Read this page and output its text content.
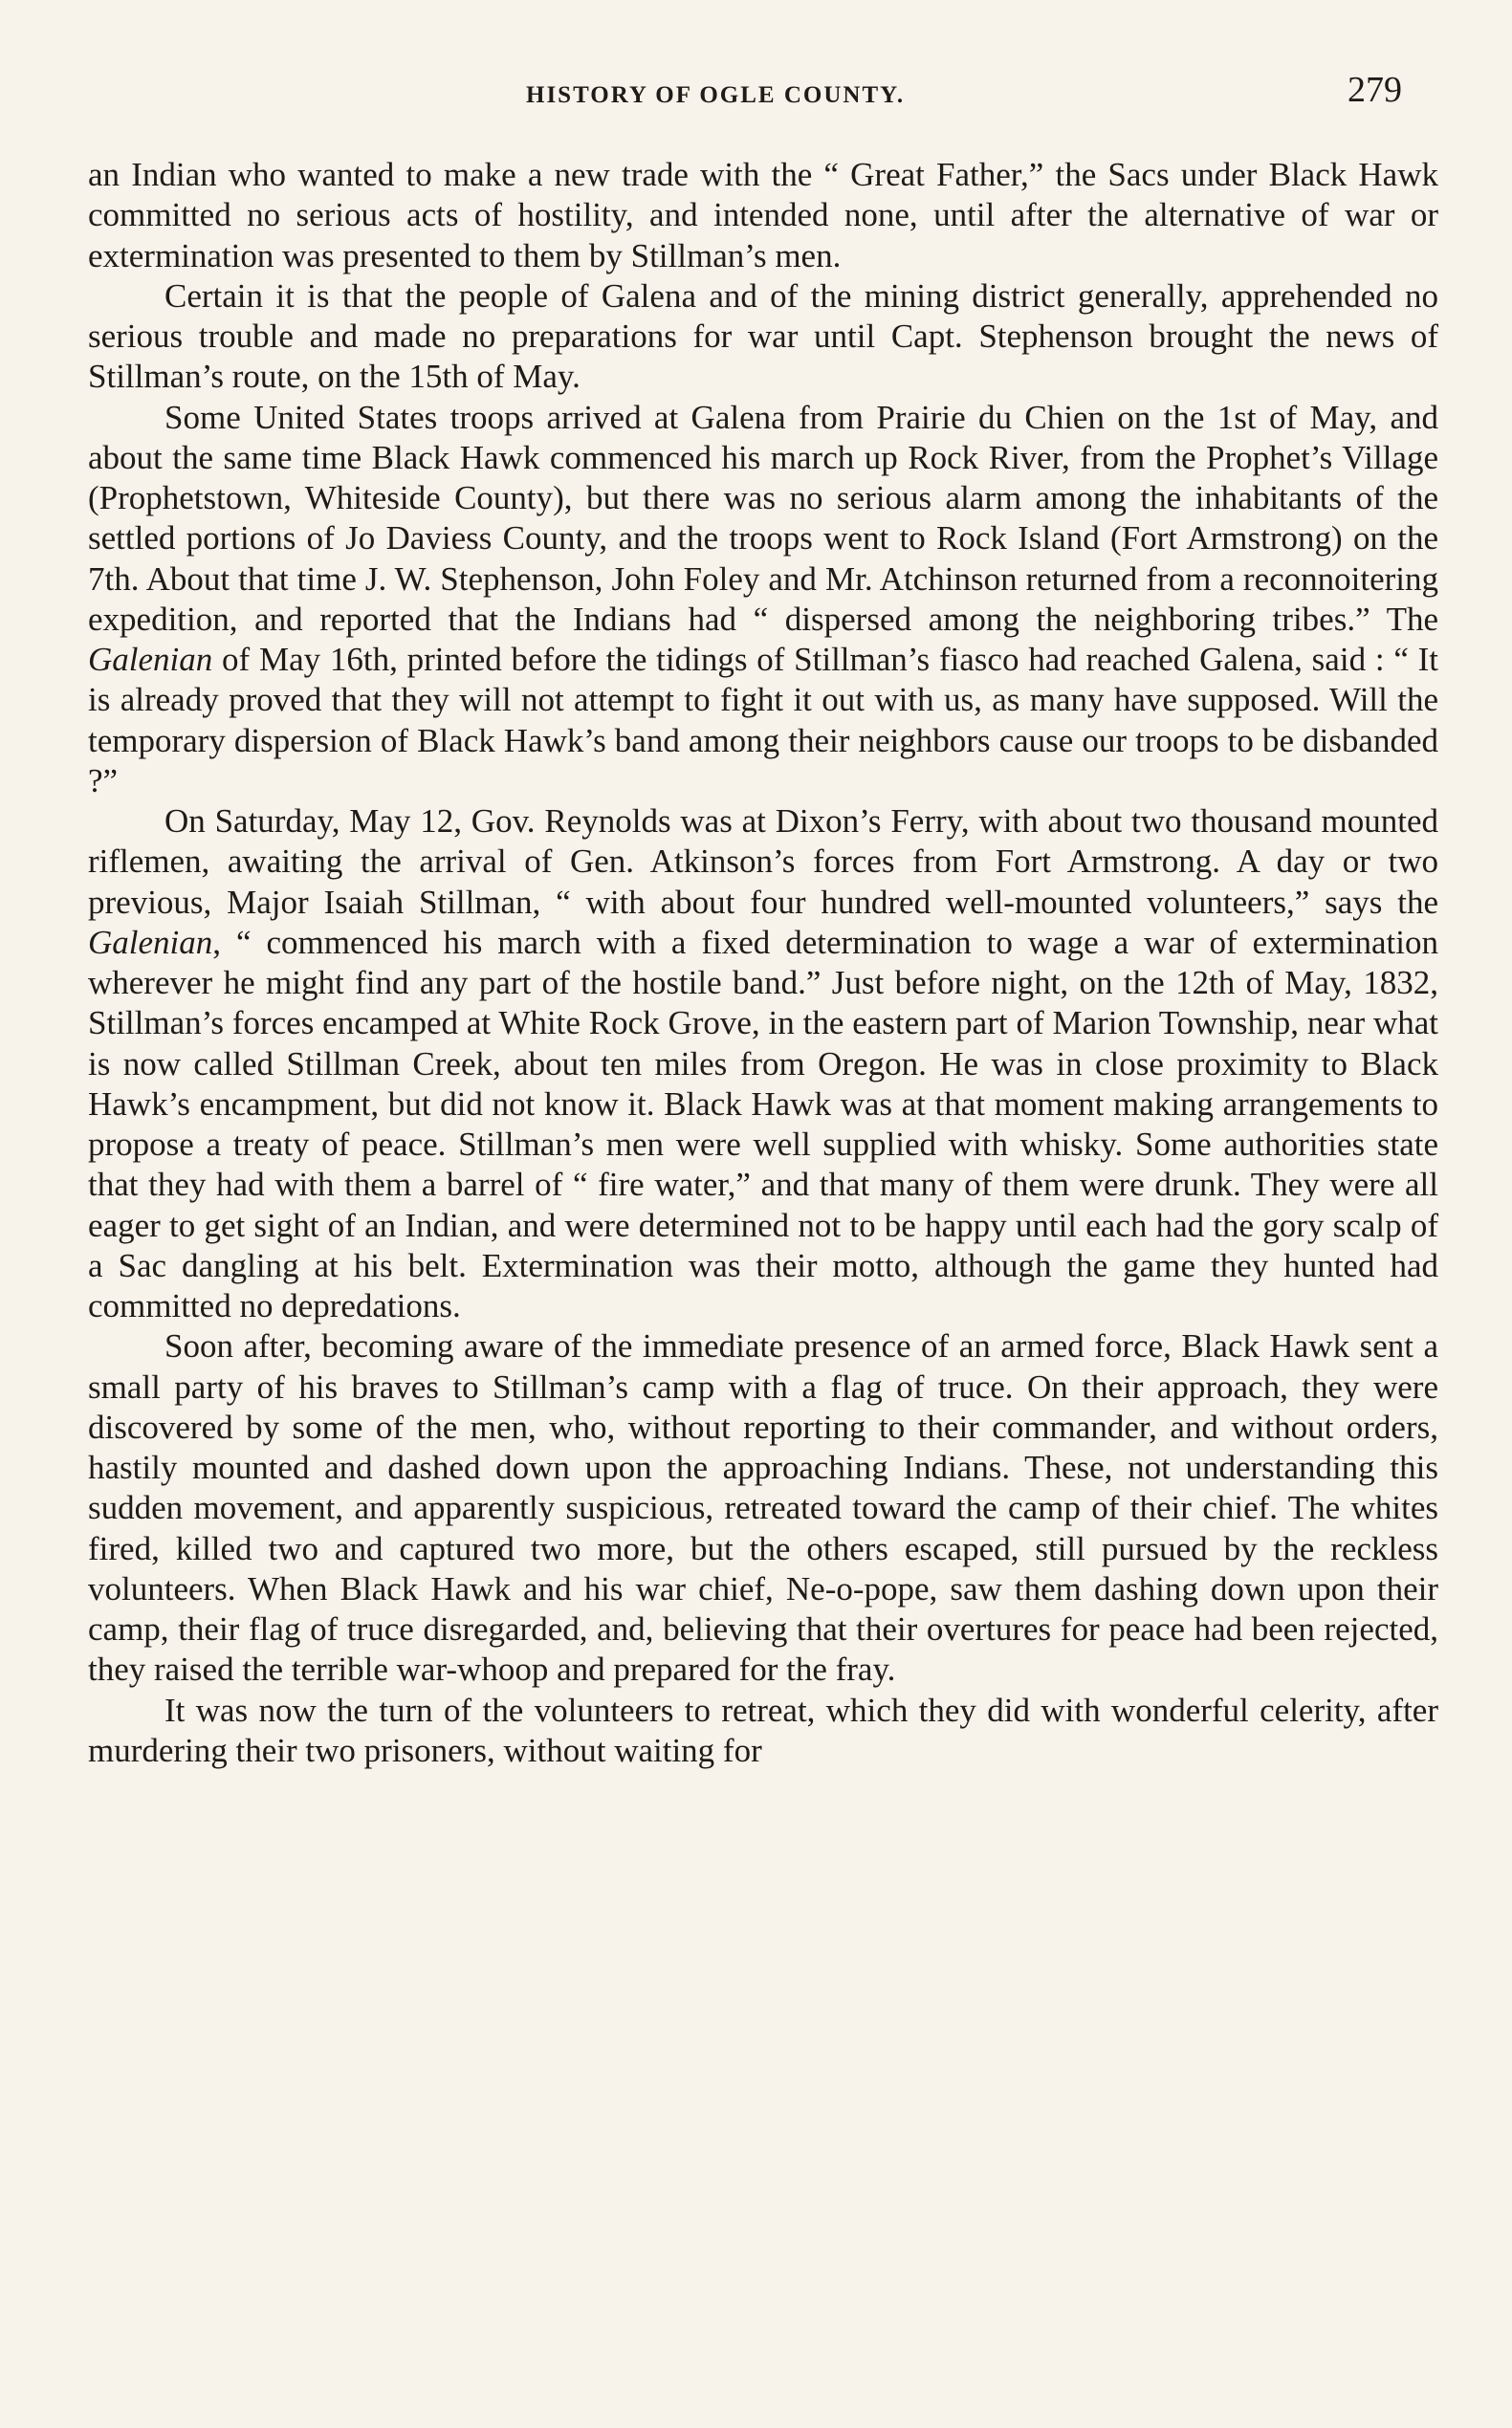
HISTORY OF OGLE COUNTY.	279

an Indian who wanted to make a new trade with the “ Great Father,” the Sacs under Black Hawk committed no serious acts of hostility, and intended none, until after the alternative of war or extermination was presented to them by Stillman’s men.

Certain it is that the people of Galena and of the mining district generally, apprehended no serious trouble and made no preparations for war until Capt. Stephenson brought the news of Stillman’s route, on the 15th of May.

Some United States troops arrived at Galena from Prairie du Chien on the 1st of May, and about the same time Black Hawk commenced his march up Rock River, from the Prophet’s Village (Prophetstown, Whiteside County), but there was no serious alarm among the inhabitants of the settled portions of Jo Daviess County, and the troops went to Rock Island (Fort Armstrong) on the 7th. About that time J. W. Stephenson, John Foley and Mr. Atchinson returned from a reconnoitering expedition, and reported that the Indians had “ dispersed among the neighboring tribes.” The Galenian of May 16th, printed before the tidings of Stillman’s fiasco had reached Galena, said : “ It is already proved that they will not attempt to fight it out with us, as many have supposed. Will the temporary dispersion of Black Hawk’s band among their neighbors cause our troops to be disbanded ?”

On Saturday, May 12, Gov. Reynolds was at Dixon’s Ferry, with about two thousand mounted riflemen, awaiting the arrival of Gen. Atkinson’s forces from Fort Armstrong. A day or two previous, Major Isaiah Stillman, “ with about four hundred well-mounted volunteers,” says the Galenian, “ commenced his march with a fixed determination to wage a war of extermination wherever he might find any part of the hostile band.” Just before night, on the 12th of May, 1832, Stillman’s forces encamped at White Rock Grove, in the eastern part of Marion Township, near what is now called Stillman Creek, about ten miles from Oregon. He was in close proximity to Black Hawk’s encampment, but did not know it. Black Hawk was at that moment making arrangements to propose a treaty of peace. Stillman’s men were well supplied with whisky. Some authorities state that they had with them a barrel of “ fire water,” and that many of them were drunk. They were all eager to get sight of an Indian, and were determined not to be happy until each had the gory scalp of a Sac dangling at his belt. Extermination was their motto, although the game they hunted had committed no depredations.

Soon after, becoming aware of the immediate presence of an armed force, Black Hawk sent a small party of his braves to Stillman’s camp with a flag of truce. On their approach, they were discovered by some of the men, who, without reporting to their commander, and without orders, hastily mounted and dashed down upon the approaching Indians. These, not understanding this sudden movement, and apparently suspicious, retreated toward the camp of their chief. The whites fired, killed two and captured two more, but the others escaped, still pursued by the reckless volunteers. When Black Hawk and his war chief, Ne-o-pope, saw them dashing down upon their camp, their flag of truce disregarded, and, believing that their overtures for peace had been rejected, they raised the terrible war-whoop and prepared for the fray.

It was now the turn of the volunteers to retreat, which they did with wonderful celerity, after murdering their two prisoners, without waiting for
